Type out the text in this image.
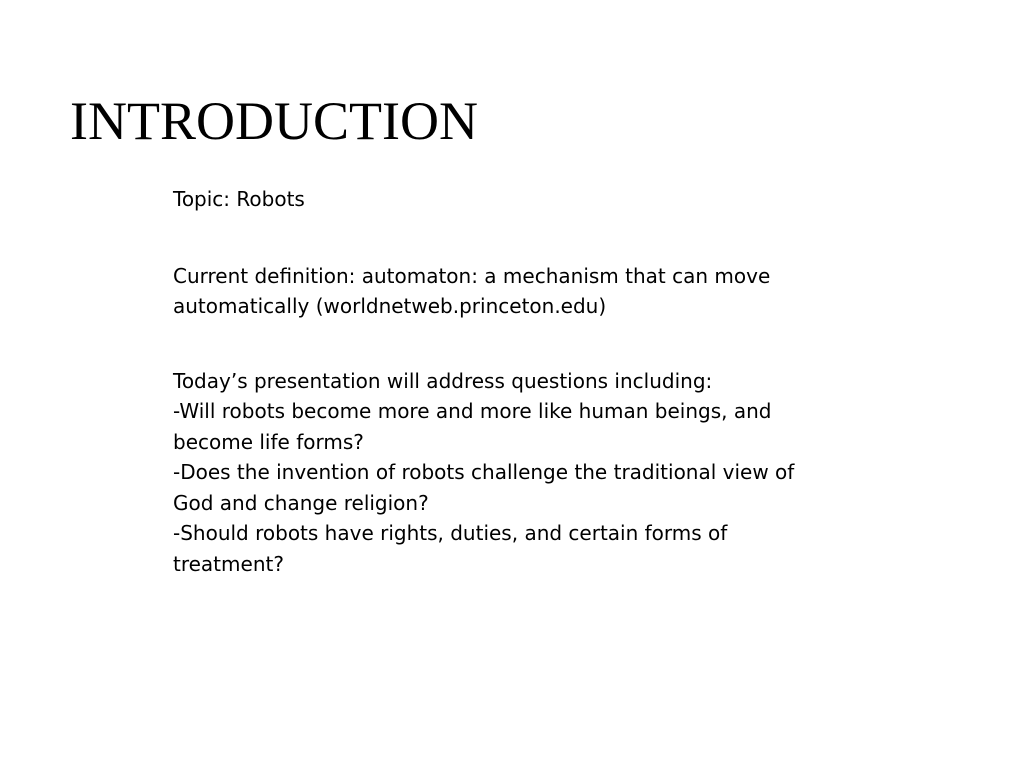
INTRODUCTION

Topic: Robots

Current definition: automaton: a mechanism that can move
automatically (worldnetweb.princeton.edu)

Today’s presentation will address questions including:
-Will robots become more and more like human beings, and
become life forms?
-Does the invention of robots challenge the traditional view of
God and change religion?
-Should robots have rights, duties, and certain forms of
treatment?
